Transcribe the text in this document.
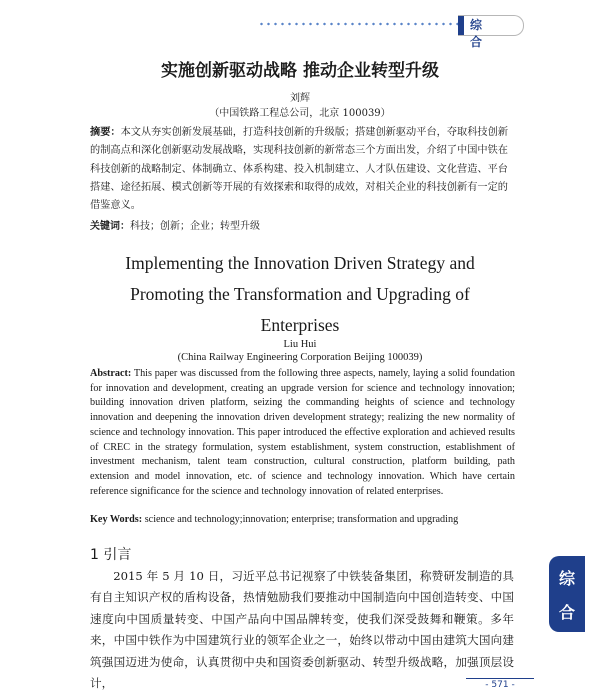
综合
实施创新驱动战略 推动企业转型升级
刘辉
（中国铁路工程总公司，北京 100039）
摘要：本文从夯实创新发展基础，打造科技创新的升级版；搭建创新驱动平台，夺取科技创新的制高点和深化创新驱动发展战略，实现科技创新的新常态三个方面出发，介绍了中国中铁在科技创新的战略制定、体制确立、体系构建、投入机制建立、人才队伍建设、文化营造、平台搭建、途径拓展、模式创新等开展的有效探索和取得的成效，对相关企业的科技创新有一定的借鉴意义。
关键词：科技；创新；企业；转型升级
Implementing the Innovation Driven Strategy and
Promoting the Transformation and Upgrading of
Enterprises
Liu Hui
(China Railway Engineering Corporation Beijing 100039)
Abstract: This paper was discussed from the following three aspects, namely, laying a solid foundation for innovation and development, creating an upgrade version for science and technology innovation; building innovation driven platform, seizing the commanding heights of science and technology innovation and deepening the innovation driven development strategy; realizing the new normality of science and technology innovation. This paper introduced the effective exploration and achieved results of CREC in the strategy formulation, system establishment, system construction, establishment of investment mechanism, talent team construction, cultural construction, platform building, path extension and model innovation, etc. of science and technology innovation. Which have certain reference significance for the science and technology innovation of related enterprises.
Key Words: science and technology;innovation; enterprise; transformation and upgrading
1 引言
2015 年 5 月 10 日，习近平总书记视察了中铁装备集团，称赞研发制造的具有自主知识产权的盾构设备，热情勉励我们要推动中国制造向中国创造转变、中国速度向中国质量转变、中国产品向中国品牌转变，使我们深受鼓舞和鞭策。多年来，中国中铁作为中国建筑行业的领军企业之一，始终以带动中国由建筑大国向建筑强国迈进为使命，认真贯彻中央和国资委创新驱动、转型升级战略，加强顶层设计，
综
合
- 571 -
